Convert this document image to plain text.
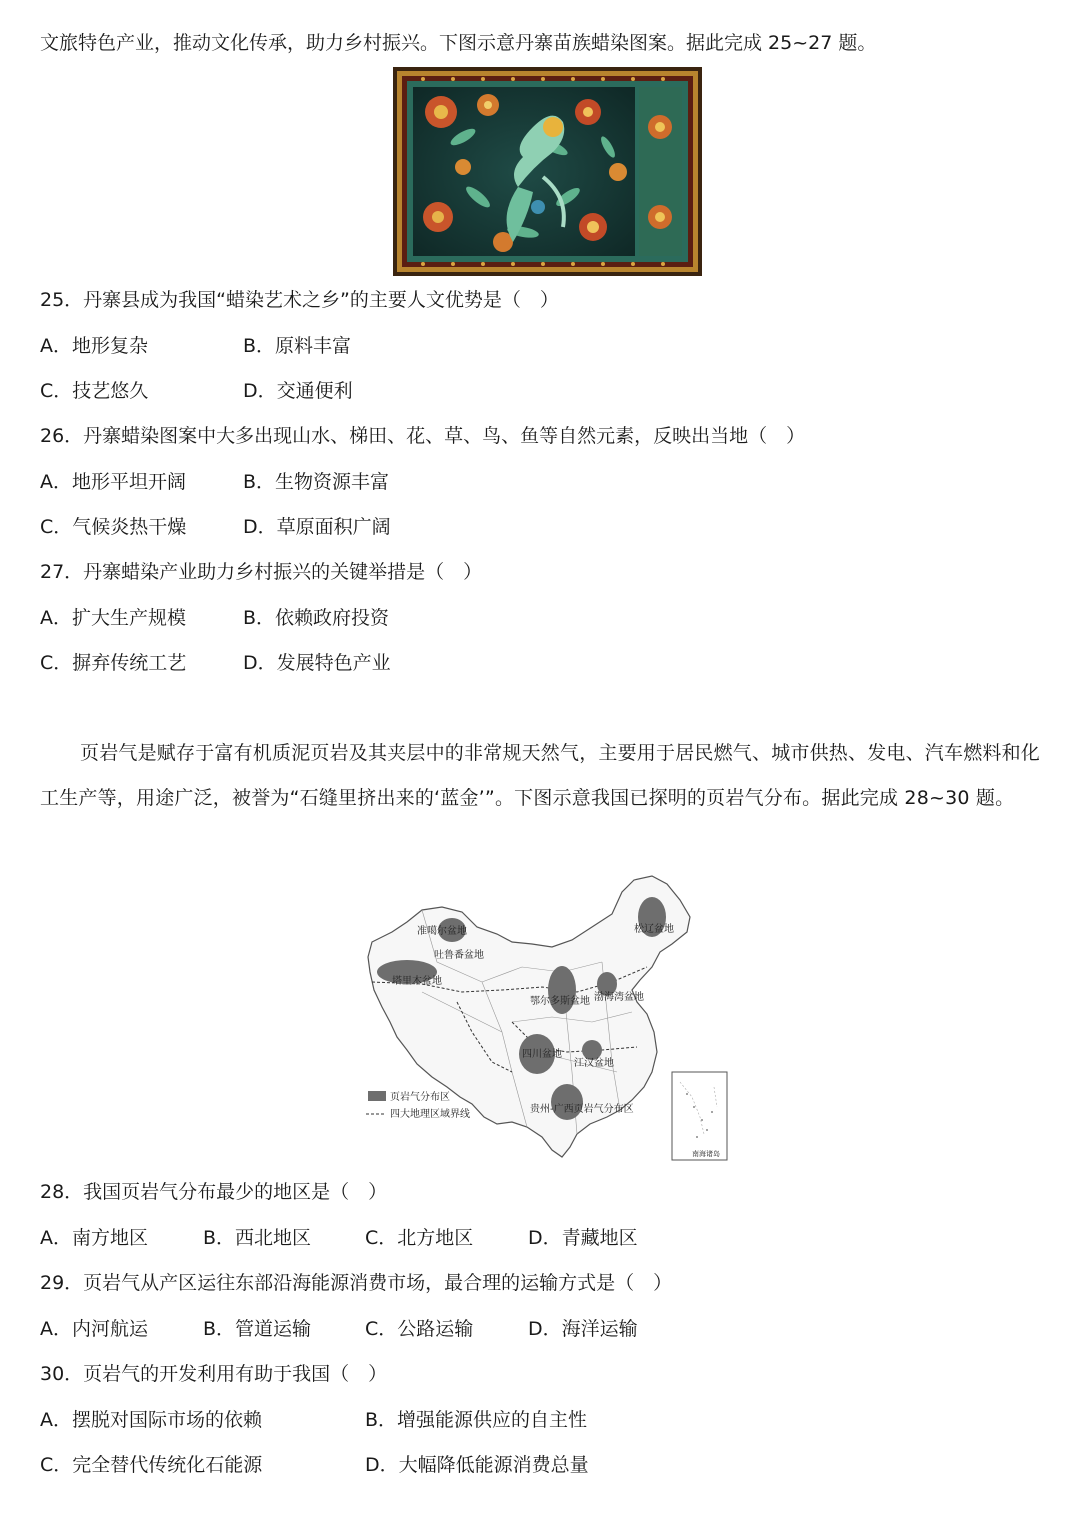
文旅特色产业，推动文化传承，助力乡村振兴。下图示意丹寨苗族蜡染图案。据此完成 25~27 题。
25．丹寨县成为我国“蜡染艺术之乡”的主要人文优势是（　）
A．地形复杂	B．原料丰富
C．技艺悠久	D．交通便利
26．丹寨蜡染图案中大多出现山水、梯田、花、草、鸟、鱼等自然元素，反映出当地（　）
A．地形平坦开阔	B．生物资源丰富
C．气候炎热干燥	D．草原面积广阔
27．丹寨蜡染产业助力乡村振兴的关键举措是（　）
A．扩大生产规模	B．依赖政府投资
C．摒弃传统工艺	D．发展特色产业
页岩气是赋存于富有机质泥页岩及其夹层中的非常规天然气，主要用于居民燃气、城市供热、发电、汽车燃料和化工生产等，用途广泛，被誉为“石缝里挤出来的‘蓝金’”。下图示意我国已探明的页岩气分布。据此完成 28~30 题。
准噶尔盆地
吐鲁番盆地
塔里木盆地
松辽盆地
鄂尔多斯盆地 渤海湾盆地
四川盆地
江汉盆地
贵州-广西页岩气分布区
页岩气分布区
四大地理区域界线
南海诸岛
28．我国页岩气分布最少的地区是（　）
A．南方地区	B．西北地区	C．北方地区	D．青藏地区
29．页岩气从产区运往东部沿海能源消费市场，最合理的运输方式是（　）
A．内河航运	B．管道运输	C．公路运输	D．海洋运输
30．页岩气的开发利用有助于我国（　）
A．摆脱对国际市场的依赖	B．增强能源供应的自主性
C．完全替代传统化石能源	D．大幅降低能源消费总量
